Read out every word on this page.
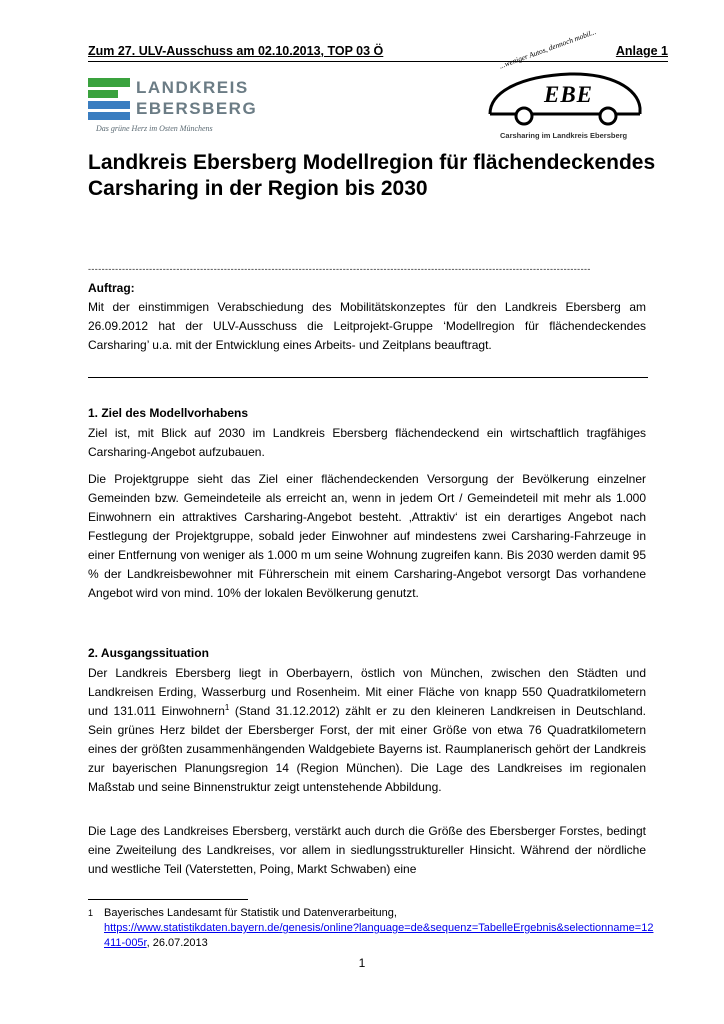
Zum 27. ULV-Ausschuss am 02.10.2013, TOP 03 Ö	Anlage 1
LANDKREIS
EBERSBERG
Das grüne Herz im Osten Münchens
...weniger Autos, dennoch mobil...
EBE
Carsharing im Landkreis Ebersberg
Landkreis Ebersberg Modellregion für flächendeckendes Carsharing in der Region bis 2030
----------------------------------------------------------------------------------------------------------------------------------------------------
Auftrag:
Mit der einstimmigen Verabschiedung des Mobilitätskonzeptes für den Landkreis Ebersberg am 26.09.2012 hat der ULV-Ausschuss die Leitprojekt-Gruppe ‘Modellregion für flächendeckendes Carsharing’ u.a. mit der Entwicklung eines Arbeits- und Zeitplans beauftragt.
1. Ziel des Modellvorhabens
Ziel ist, mit Blick auf 2030 im Landkreis Ebersberg flächendeckend ein wirtschaftlich tragfähiges Carsharing-Angebot aufzubauen.
Die Projektgruppe sieht das Ziel einer flächendeckenden Versorgung der Bevölkerung einzelner Gemeinden bzw. Gemeindeteile als erreicht an, wenn in jedem Ort / Gemeindeteil mit mehr als 1.000 Einwohnern ein attraktives Carsharing-Angebot besteht. ‚Attraktiv‘ ist ein derartiges Angebot nach Festlegung der Projektgruppe, sobald jeder Einwohner auf mindestens zwei Carsharing-Fahrzeuge in einer Entfernung von weniger als 1.000 m um seine Wohnung zugreifen kann. Bis 2030 werden damit 95 % der Landkreisbewohner mit Führerschein mit einem Carsharing-Angebot versorgt Das vorhandene Angebot wird von mind. 10% der lokalen Bevölkerung genutzt.
2. Ausgangssituation
Der Landkreis Ebersberg liegt in Oberbayern, östlich von München, zwischen den Städten und Landkreisen Erding, Wasserburg und Rosenheim. Mit einer Fläche von knapp 550 Quadratkilometern und 131.011 Einwohnern$^1$ (Stand 31.12.2012) zählt er zu den kleineren Landkreisen in Deutschland. Sein grünes Herz bildet der Ebersberger Forst, der mit einer Größe von etwa 76 Quadratkilometern eines der größten zusammenhängenden Waldgebiete Bayerns ist. Raumplanerisch gehört der Landkreis zur bayerischen Planungsregion 14 (Region München). Die Lage des Landkreises im regionalen Maßstab und seine Binnenstruktur zeigt untenstehende Abbildung.
Die Lage des Landkreises Ebersberg, verstärkt auch durch die Größe des Ebersberger Forstes, bedingt eine Zweiteilung des Landkreises, vor allem in siedlungsstruktureller Hinsicht. Während der nördliche und westliche Teil (Vaterstetten, Poing, Markt Schwaben) eine
1 Bayerisches Landesamt für Statistik und Datenverarbeitung,
https://www.statistikdaten.bayern.de/genesis/online?language=de&sequenz=TabelleErgebnis&selectionname=12411-005r, 26.07.2013
1
